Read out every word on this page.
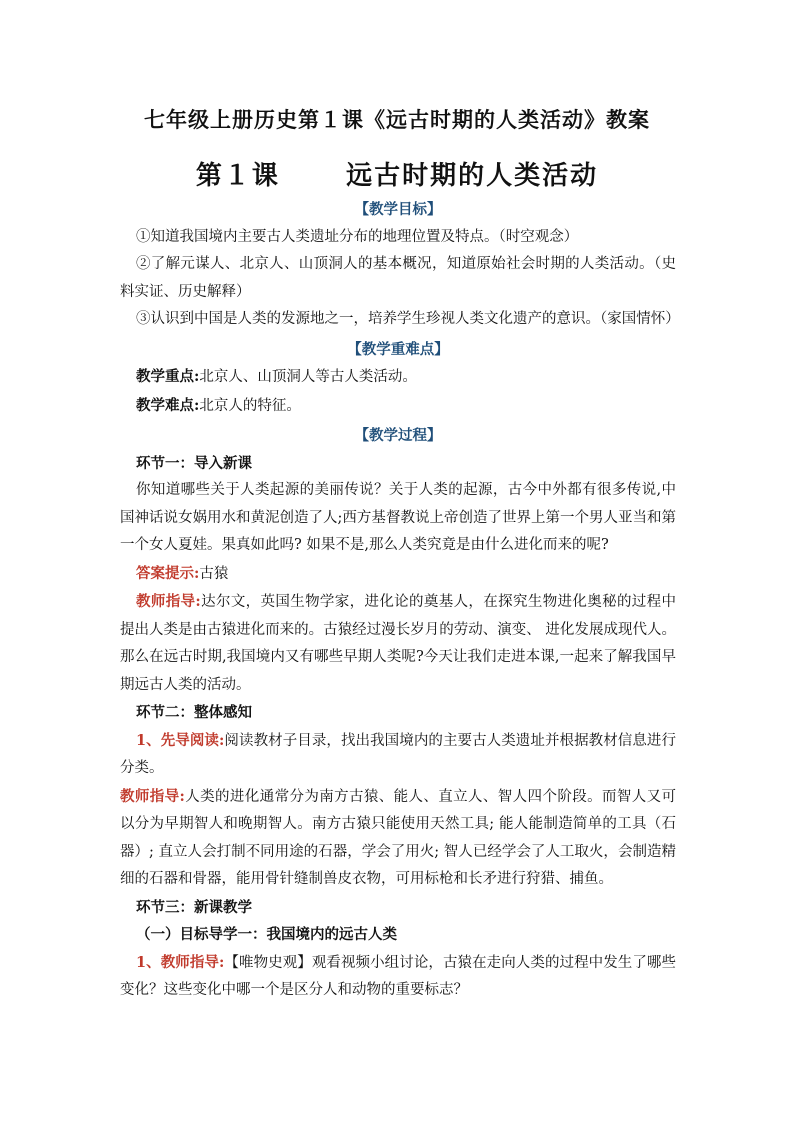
七年级上册历史第１课《远古时期的人类活动》教案
第１课      远古时期的人类活动

【教学目标】

①知道我国境内主要古人类遗址分布的地理位置及特点。（时空观念）

②了解元谋人、北京人、山顶洞人的基本概况，知道原始社会时期的人类活动。（史料实证、历史解释）

③认识到中国是人类的发源地之一，培养学生珍视人类文化遗产的意识。（家国情怀）

【教学重难点】

教学重点:北京人、山顶洞人等古人类活动。

教学难点:北京人的特征。

【教学过程】

环节一：导入新课

你知道哪些关于人类起源的美丽传说？关于人类的起源，古今中外都有很多传说,中国神话说女娲用水和黄泥创造了人;西方基督教说上帝创造了世界上第一个男人亚当和第一个女人夏娃。果真如此吗? 如果不是,那么人类究竟是由什么进化而来的呢?

答案提示:古猿

教师指导:达尔文，英国生物学家，进化论的奠基人，在探究生物进化奥秘的过程中提出人类是由古猿进化而来的。古猿经过漫长岁月的劳动、演变、 进化发展成现代人。那么在远古时期,我国境内又有哪些早期人类呢?今天让我们走进本课,一起来了解我国早期远古人类的活动。

环节二：整体感知

1、先导阅读:阅读教材子目录，找出我国境内的主要古人类遗址并根据教材信息进行分类。

教师指导:人类的进化通常分为南方古猿、能人、直立人、智人四个阶段。而智人又可以分为早期智人和晚期智人。南方古猿只能使用天然工具; 能人能制造简单的工具（石器）; 直立人会打制不同用途的石器，学会了用火; 智人已经学会了人工取火，会制造精细的石器和骨器，能用骨针缝制兽皮衣物，可用标枪和长矛进行狩猎、捕鱼。

环节三：新课教学

（一）目标导学一：我国境内的远古人类

1、教师指导:【唯物史观】观看视频小组讨论，古猿在走向人类的过程中发生了哪些变化？这些变化中哪一个是区分人和动物的重要标志？
